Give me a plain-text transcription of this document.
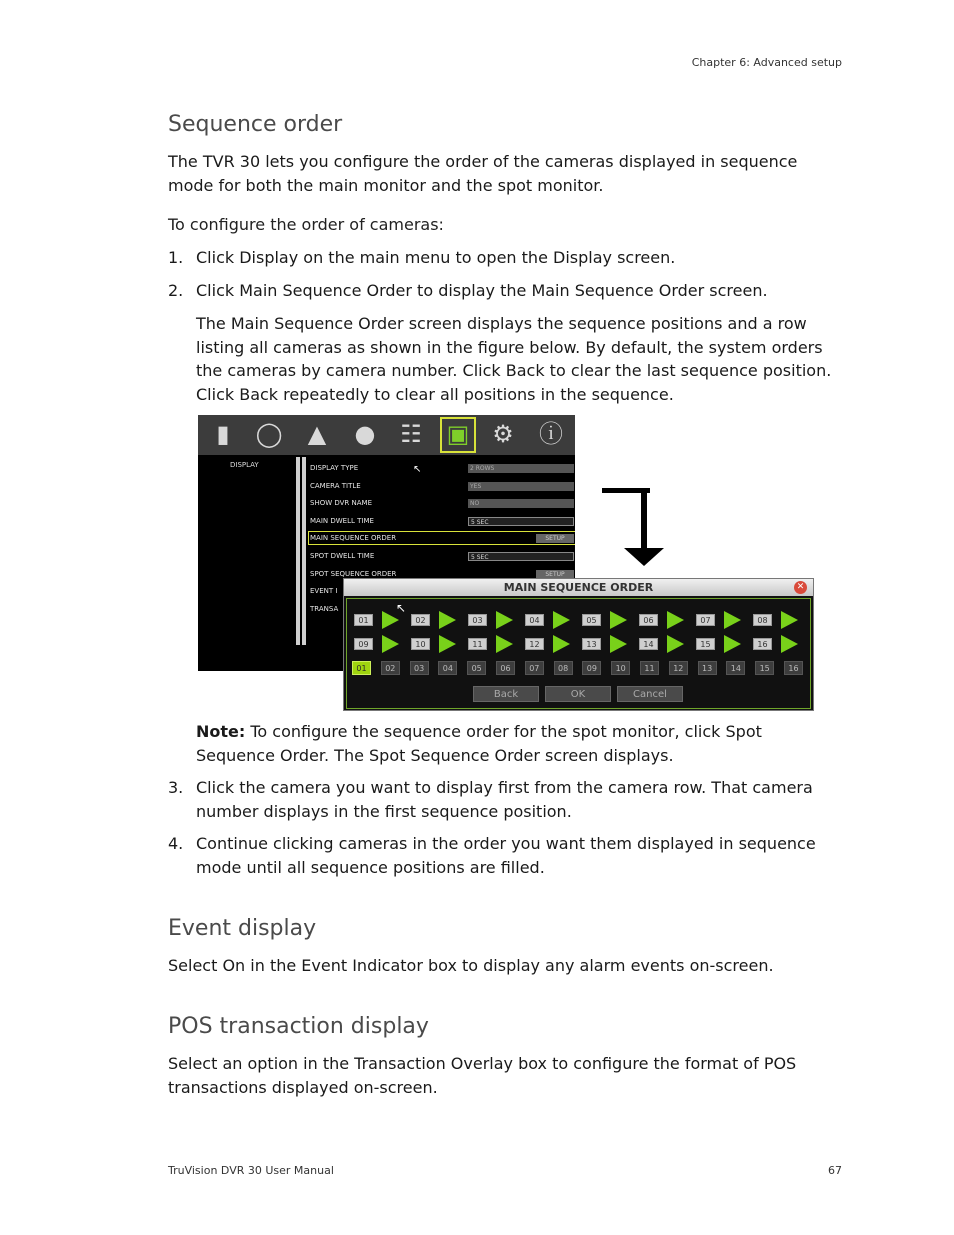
Chapter 6: Advanced setup
Sequence order

The TVR 30 lets you configure the order of the cameras displayed in sequence mode for both the main monitor and the spot monitor.

To configure the order of cameras:

1. Click Display on the main menu to open the Display screen.

2. Click Main Sequence Order to display the Main Sequence Order screen.

The Main Sequence Order screen displays the sequence positions and a row listing all cameras as shown in the figure below. By default, the system orders the cameras by camera number. Click Back to clear the last sequence position. Click Back repeatedly to clear all positions in the sequence.

▮	◯ ▲ ● ☷ ▣ ⚙ ⓘ
DISPLAY	DISPLAY TYPE	2 ROWS
CAMERA TITLE	YES
SHOW DVR NAME	NO
MAIN DWELL TIME	5 SEC
MAIN SEQUENCE ORDER	SETUP
SPOT DWELL TIME	5 SEC
SPOT SEQUENCE ORDER	SETUP
EVENT I
TRANSA
↖
MAIN SEQUENCE ORDER	✕
Back	OK	Cancel
↖
01	02	03	04	05	06	07	08
09	10	11	12	13	14	15	16
01	02	03	04	05	06	07	08	09	10	11	12	13	14	15	16

Note: To configure the sequence order for the spot monitor, click Spot Sequence Order. The Spot Sequence Order screen displays.

3. Click the camera you want to display first from the camera row. That camera number displays in the first sequence position.

4. Continue clicking cameras in the order you want them displayed in sequence mode until all sequence positions are filled.

Event display

Select On in the Event Indicator box to display any alarm events on-screen.

POS transaction display

Select an option in the Transaction Overlay box to configure the format of POS transactions displayed on-screen.

TruVision DVR 30 User Manual	67
